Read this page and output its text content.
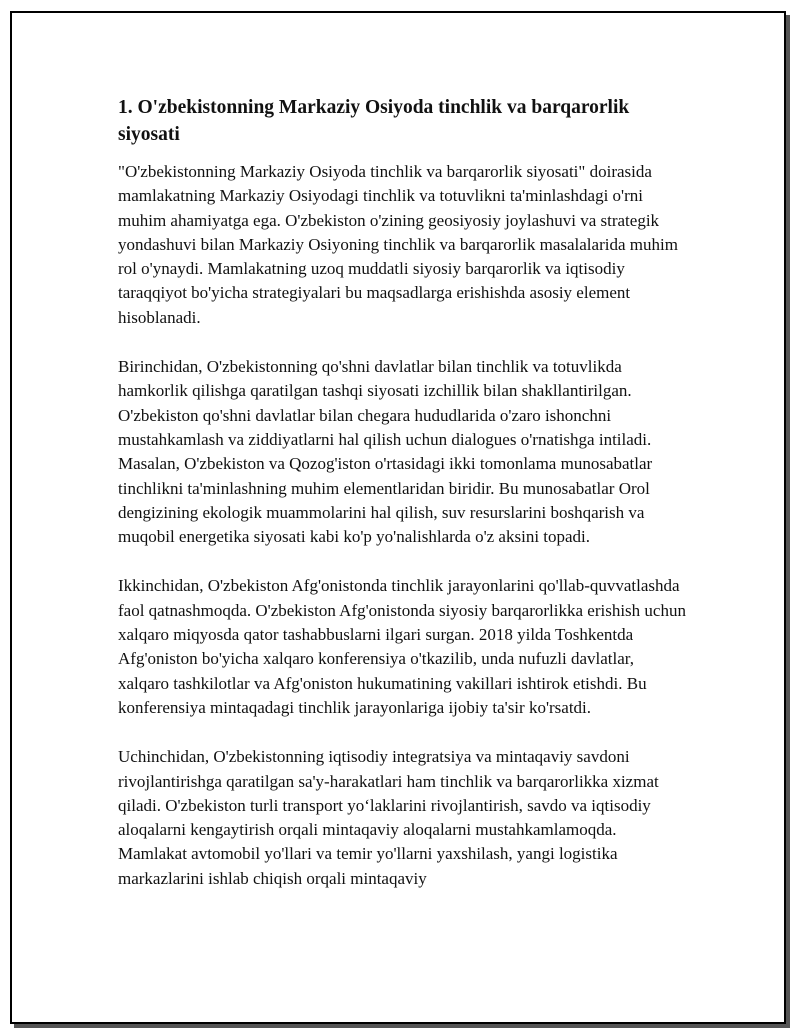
1. O'zbekistonning Markaziy Osiyoda tinchlik va barqarorlik siyosati

"O'zbekistonning Markaziy Osiyoda tinchlik va barqarorlik siyosati" doirasida mamlakatning Markaziy Osiyodagi tinchlik va totuvlikni ta'minlashdagi o'rni muhim ahamiyatga ega. O'zbekiston o'zining geosiyosiy joylashuvi va strategik yondashuvi bilan Markaziy Osiyoning tinchlik va barqarorlik masalalarida muhim rol o'ynaydi. Mamlakatning uzoq muddatli siyosiy barqarorlik va iqtisodiy taraqqiyot bo'yicha strategiyalari bu maqsadlarga erishishda asosiy element hisoblanadi.

Birinchidan, O'zbekistonning qo'shni davlatlar bilan tinchlik va totuvlikda hamkorlik qilishga qaratilgan tashqi siyosati izchillik bilan shakllantirilgan. O'zbekiston qo'shni davlatlar bilan chegara hududlarida o'zaro ishonchni mustahkamlash va ziddiyatlarni hal qilish uchun dialogues o'rnatishga intiladi. Masalan, O'zbekiston va Qozog'iston o'rtasidagi ikki tomonlama munosabatlar tinchlikni ta'minlashning muhim elementlaridan biridir. Bu munosabatlar Orol dengizining ekologik muammolarini hal qilish, suv resurslarini boshqarish va muqobil energetika siyosati kabi ko'p yo'nalishlarda o'z aksini topadi.

Ikkinchidan, O'zbekiston Afg'onistonda tinchlik jarayonlarini qo'llab-quvvatlashda faol qatnashmoqda. O'zbekiston Afg'onistonda siyosiy barqarorlikka erishish uchun xalqaro miqyosda qator tashabbuslarni ilgari surgan. 2018 yilda Toshkentda Afg'oniston bo'yicha xalqaro konferensiya o'tkazilib, unda nufuzli davlatlar, xalqaro tashkilotlar va Afg'oniston hukumatining vakillari ishtirok etishdi. Bu konferensiya mintaqadagi tinchlik jarayonlariga ijobiy ta'sir ko'rsatdi.

Uchinchidan, O'zbekistonning iqtisodiy integratsiya va mintaqaviy savdoni rivojlantirishga qaratilgan sa'y-harakatlari ham tinchlik va barqarorlikka xizmat qiladi. O'zbekiston turli transport yo‘laklarini rivojlantirish, savdo va iqtisodiy aloqalarni kengaytirish orqali mintaqaviy aloqalarni mustahkamlamoqda. Mamlakat avtomobil yo'llari va temir yo'llarni yaxshilash, yangi logistika markazlarini ishlab chiqish orqali mintaqaviy
